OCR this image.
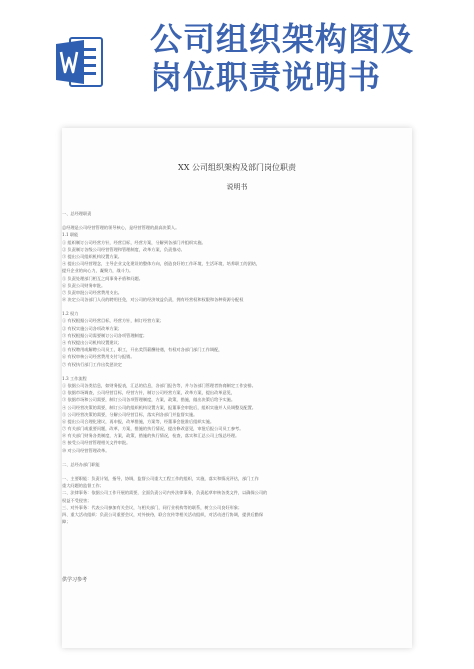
公司组织架构图及
岗位职责说明书
XX 公司组织架构及部门岗位职责
说明书
一、总经理职责
总经理是公司经营管理的领导核心，是经营管理的最高决策人。
1.1 职能
① 组织制订公司经营方针，经营目标，经营方案，分解到各部门并组织实施。
② 负责制订各级公司经营管理和管理制度，改革方案，负责推动。
③ 提出公司组织机构设置方案。
④ 提出公司经营理念，主导企业文化建设的整体方向，创造良好的工作环境，生活环境，培养职工的团结，
提升企业的向心力，凝聚力，战斗力。
⑤ 负责处理部门相互之间事务矛盾和问题。
⑥ 负责公司财务审批。
⑦ 负责审批公司经营费用支出。
⑧ 决定公司各部门人员的聘用任免，对公司的经济效益负责，拥有经营权和权限和各种资源分配权
1.2 权力
① 有权根据公司经营目标，经营方针，制订经营方案；
② 有权实施公司各项改革方案；
③ 有权根据公司需要制订公司各项管理制度；
④ 有权提出公司机构设置建议；
⑤ 有权聘用或解聘公司员工，职工，开出奖罚薪酬待遇，有权对各部门部门工作调配，
⑥ 有权审核公司经营费用支付与报销。
⑦ 有权执行部门工作出奖惩决定
1.3 工作流程
① 依据公司各类信息，如财务报表，汇总的信息，各部门报告等，并与各部门管理者协商制定工作安排。
② 依据市场调查，公司经营目标，经营方针，制订公司经营方案，改革方案，提出改革意见，
③ 依据市场和公司需要，制订公司各项管理制度，方案，政策，措施，做出决策后给予实施。
④ 公司经营决策的需要，制订公司的组织机构设置方案，报董事会审批后，组织实施并人员调整及配置。
⑤ 公司经营决策的需要，分解公司经营目标，落实到各部门并监督实施。
⑥ 提出公司合理化建议，再申报，改革措施，方案等，经董事会批准后组织实施。
⑦ 有关部门或重要问题，改革，方案，措施的执行情况，提出修改意见，审批后报公司员工参考。
⑧ 有关部门财务各类制度，方案，政策，措施的执行情况，检查，落实和汇总公司上级总经理。
⑨ 接受公司经营管理相关文件审批。
⑩ 对公司经营管理改革。
二、总经办部门职能
一、主要职能：负责计划，指导，协调，监督公司重大工程工作的组织，实施，落实和情况评估，部门工作
重大问题的监督工作；
二、法律事务：依据公司工作开展的需要，全面负责公司内外法律事务，负责起草审核各类文件，以确保公司的
权益不受侵害；
三、对外事务：代表公司参加有关会议，与相关部门，同行业机构等的联系，树立公司良好形象；
四、重大活动组织：负责公司重要会议，对外接待，联合宣传等相关活动组织，对活动进行协调，提供后勤保
障；
供学习参考
